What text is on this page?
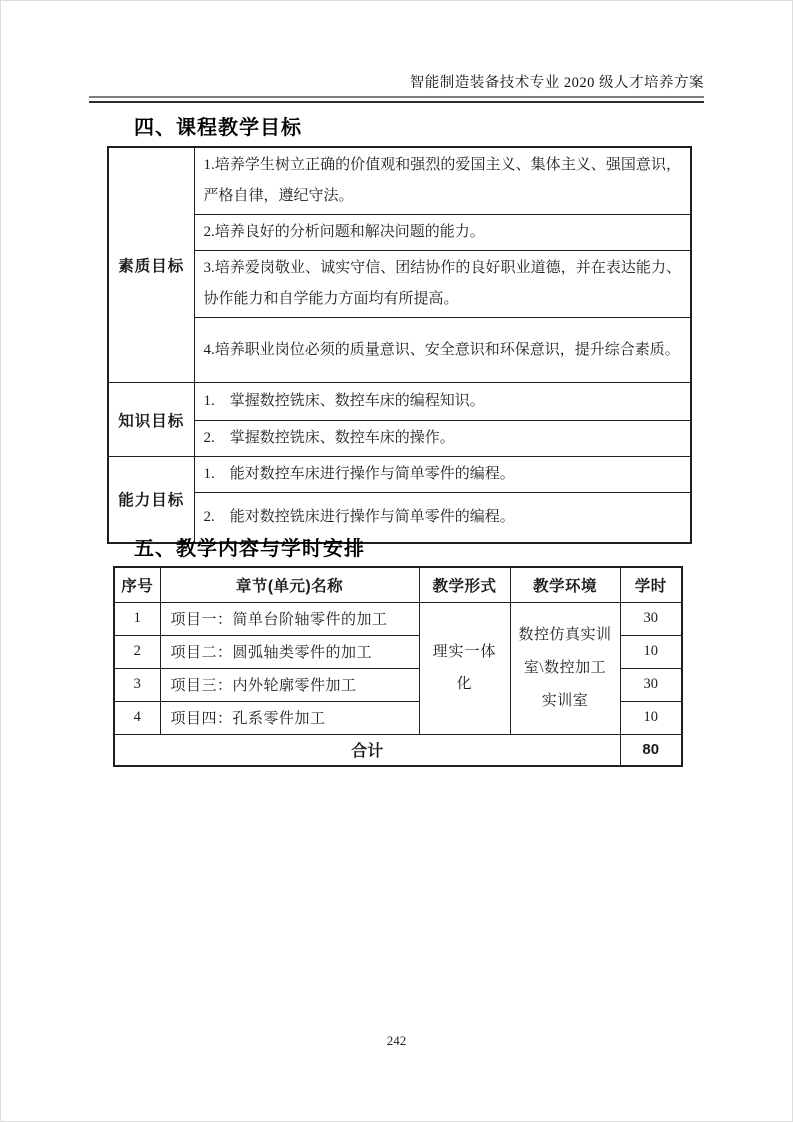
智能制造装备技术专业 2020 级人才培养方案
四、课程教学目标
素质目标	1.培养学生树立正确的价值观和强烈的爱国主义、集体主义、强国意识，严格自律，遵纪守法。
	2.培养良好的分析问题和解决问题的能力。
	3.培养爱岗敬业、诚实守信、团结协作的良好职业道德，并在表达能力、协作能力和自学能力方面均有所提高。
	4.培养职业岗位必须的质量意识、安全意识和环保意识，提升综合素质。
知识目标	1.　掌握数控铣床、数控车床的编程知识。
	2.　掌握数控铣床、数控车床的操作。
能力目标	1.　能对数控车床进行操作与简单零件的编程。
	2.　能对数控铣床进行操作与简单零件的编程。
五、教学内容与学时安排
序号	章节(单元)名称	教学形式	教学环境	学时
1	项目一：简单台阶轴零件的加工	理实一体化	数控仿真实训室\数控加工实训室	30
2	项目二：圆弧轴类零件的加工			10
3	项目三：内外轮廓零件加工			30
4	项目四：孔系零件加工			10
合计				80
242
